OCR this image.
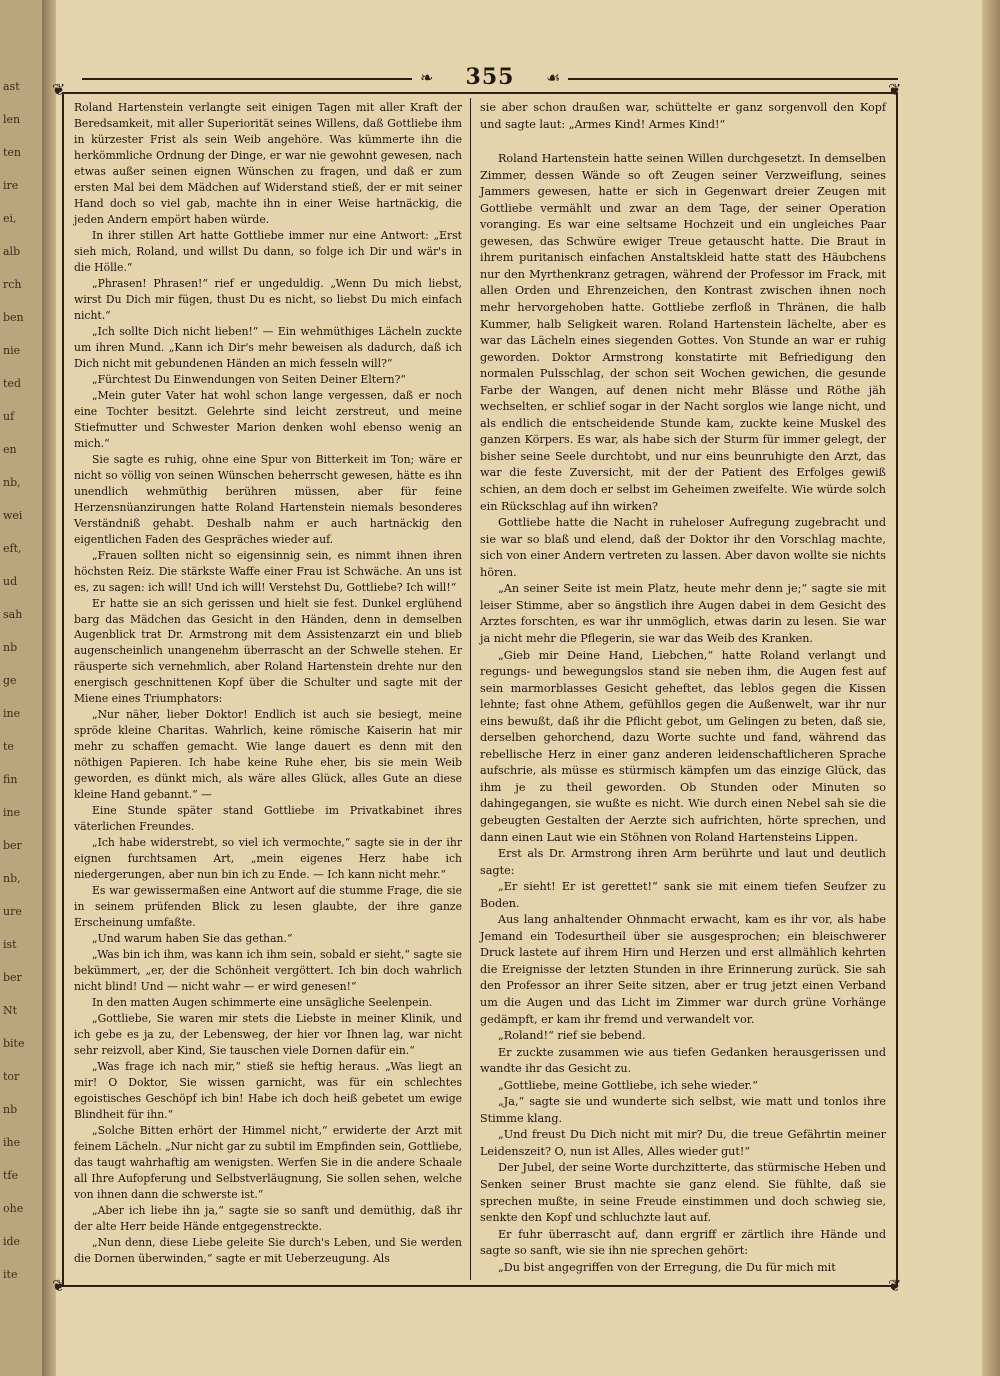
ast
len
ten
ire
ei,
alb
rch
ben
nie
ted
uf
en
nb,
wei
eft,
ud
sah
nb
ge
ine
te
fin
ine
ber
nb,
ure
ist
ber
Nt
bite
tor
nb
ihe
tfe
ohe
ide
ite
❧	☙
355
❦	❦
❦	❦

Roland Hartenstein verlangte seit einigen Tagen mit aller Kraft der Beredsamkeit, mit aller Superiorität seines Willens, daß Gottliebe ihm in kürzester Frist als sein Weib angehöre. Was kümmerte ihn die herkömmliche Ordnung der Dinge, er war nie gewohnt gewesen, nach etwas außer seinen eignen Wünschen zu fragen, und daß er zum ersten Mal bei dem Mädchen auf Widerstand stieß, der er mit seiner Hand doch so viel gab, machte ihn in einer Weise hartnäckig, die jeden Andern empört haben würde.

In ihrer stillen Art hatte Gottliebe immer nur eine Antwort: „Erst sieh mich, Roland, und willst Du dann, so folge ich Dir und wär's in die Hölle.“

„Phrasen! Phrasen!“ rief er ungeduldig. „Wenn Du mich liebst, wirst Du Dich mir fügen, thust Du es nicht, so liebst Du mich einfach nicht.“

„Ich sollte Dich nicht lieben!“ — Ein wehmüthiges Lächeln zuckte um ihren Mund. „Kann ich Dir's mehr beweisen als dadurch, daß ich Dich nicht mit gebundenen Händen an mich fesseln will?“

„Fürchtest Du Einwendungen von Seiten Deiner Eltern?“

„Mein guter Vater hat wohl schon lange vergessen, daß er noch eine Tochter besitzt. Gelehrte sind leicht zerstreut, und meine Stiefmutter und Schwester Marion denken wohl ebenso wenig an mich.“

Sie sagte es ruhig, ohne eine Spur von Bitterkeit im Ton; wäre er nicht so völlig von seinen Wünschen beherrscht gewesen, hätte es ihn unendlich wehmüthig berühren müssen, aber für feine Herzensnüanzirungen hatte Roland Hartenstein niemals besonderes Verständniß gehabt. Deshalb nahm er auch hartnäckig den eigentlichen Faden des Gespräches wieder auf.

„Frauen sollten nicht so eigensinnig sein, es nimmt ihnen ihren höchsten Reiz. Die stärkste Waffe einer Frau ist Schwäche. An uns ist es, zu sagen: ich will! Und ich will! Verstehst Du, Gottliebe? Ich will!“

Er hatte sie an sich gerissen und hielt sie fest. Dunkel erglühend barg das Mädchen das Gesicht in den Händen, denn in demselben Augenblick trat Dr. Armstrong mit dem Assistenzarzt ein und blieb augenscheinlich unangenehm überrascht an der Schwelle stehen. Er räusperte sich vernehmlich, aber Roland Hartenstein drehte nur den energisch geschnittenen Kopf über die Schulter und sagte mit der Miene eines Triumphators:

„Nur näher, lieber Doktor! Endlich ist auch sie besiegt, meine spröde kleine Charitas. Wahrlich, keine römische Kaiserin hat mir mehr zu schaffen gemacht. Wie lange dauert es denn mit den nöthigen Papieren. Ich habe keine Ruhe eher, bis sie mein Weib geworden, es dünkt mich, als wäre alles Glück, alles Gute an diese kleine Hand gebannt.“ —

Eine Stunde später stand Gottliebe im Privatkabinet ihres väterlichen Freundes.

„Ich habe widerstrebt, so viel ich vermochte,“ sagte sie in der ihr eignen furchtsamen Art, „mein eigenes Herz habe ich niedergerungen, aber nun bin ich zu Ende. — Ich kann nicht mehr.“

Es war gewissermaßen eine Antwort auf die stumme Frage, die sie in seinem prüfenden Blick zu lesen glaubte, der ihre ganze Erscheinung umfaßte.

„Und warum haben Sie das gethan.“

„Was bin ich ihm, was kann ich ihm sein, sobald er sieht,“ sagte sie bekümmert, „er, der die Schönheit vergöttert. Ich bin doch wahrlich nicht blind! Und — nicht wahr — er wird genesen!“

In den matten Augen schimmerte eine unsägliche Seelenpein.

„Gottliebe, Sie waren mir stets die Liebste in meiner Klinik, und ich gebe es ja zu, der Lebensweg, der hier vor Ihnen lag, war nicht sehr reizvoll, aber Kind, Sie tauschen viele Dornen dafür ein.“

„Was frage ich nach mir,“ stieß sie heftig heraus. „Was liegt an mir! O Doktor, Sie wissen garnicht, was für ein schlechtes egoistisches Geschöpf ich bin! Habe ich doch heiß gebetet um ewige Blindheit für ihn.“

„Solche Bitten erhört der Himmel nicht,“ erwiderte der Arzt mit feinem Lächeln. „Nur nicht gar zu subtil im Empfinden sein, Gottliebe, das taugt wahrhaftig am wenigsten. Werfen Sie in die andere Schaale all Ihre Aufopferung und Selbstverläugnung, Sie sollen sehen, welche von ihnen dann die schwerste ist.“

„Aber ich liebe ihn ja,“ sagte sie so sanft und demüthig, daß ihr der alte Herr beide Hände entgegenstreckte.

„Nun denn, diese Liebe geleite Sie durch's Leben, und Sie werden die Dornen überwinden,“ sagte er mit Ueberzeugung. Als

sie aber schon draußen war, schüttelte er ganz sorgenvoll den Kopf und sagte laut: „Armes Kind! Armes Kind!“

Roland Hartenstein hatte seinen Willen durchgesetzt. In demselben Zimmer, dessen Wände so oft Zeugen seiner Verzweiflung, seines Jammers gewesen, hatte er sich in Gegenwart dreier Zeugen mit Gottliebe vermählt und zwar an dem Tage, der seiner Operation voranging. Es war eine seltsame Hochzeit und ein ungleiches Paar gewesen, das Schwüre ewiger Treue getauscht hatte. Die Braut in ihrem puritanisch einfachen Anstaltskleid hatte statt des Häubchens nur den Myrthenkranz getragen, während der Professor im Frack, mit allen Orden und Ehrenzeichen, den Kontrast zwischen ihnen noch mehr hervorgehoben hatte. Gottliebe zerfloß in Thränen, die halb Kummer, halb Seligkeit waren. Roland Hartenstein lächelte, aber es war das Lächeln eines siegenden Gottes. Von Stunde an war er ruhig geworden. Doktor Armstrong konstatirte mit Befriedigung den normalen Pulsschlag, der schon seit Wochen gewichen, die gesunde Farbe der Wangen, auf denen nicht mehr Blässe und Röthe jäh wechselten, er schlief sogar in der Nacht sorglos wie lange nicht, und als endlich die entscheidende Stunde kam, zuckte keine Muskel des ganzen Körpers. Es war, als habe sich der Sturm für immer gelegt, der bisher seine Seele durchtobt, und nur eins beunruhigte den Arzt, das war die feste Zuversicht, mit der der Patient des Erfolges gewiß schien, an dem doch er selbst im Geheimen zweifelte. Wie würde solch ein Rückschlag auf ihn wirken?

Gottliebe hatte die Nacht in ruheloser Aufregung zugebracht und sie war so blaß und elend, daß der Doktor ihr den Vorschlag machte, sich von einer Andern vertreten zu lassen. Aber davon wollte sie nichts hören.

„An seiner Seite ist mein Platz, heute mehr denn je;“ sagte sie mit leiser Stimme, aber so ängstlich ihre Augen dabei in dem Gesicht des Arztes forschten, es war ihr unmöglich, etwas darin zu lesen. Sie war ja nicht mehr die Pflegerin, sie war das Weib des Kranken.

„Gieb mir Deine Hand, Liebchen,“ hatte Roland verlangt und regungs- und bewegungslos stand sie neben ihm, die Augen fest auf sein marmorblasses Gesicht geheftet, das leblos gegen die Kissen lehnte; fast ohne Athem, gefühllos gegen die Außenwelt, war ihr nur eins bewußt, daß ihr die Pflicht gebot, um Gelingen zu beten, daß sie, derselben gehorchend, dazu Worte suchte und fand, während das rebellische Herz in einer ganz anderen leidenschaftlicheren Sprache aufschrie, als müsse es stürmisch kämpfen um das einzige Glück, das ihm je zu theil geworden. Ob Stunden oder Minuten so dahingegangen, sie wußte es nicht. Wie durch einen Nebel sah sie die gebeugten Gestalten der Aerzte sich aufrichten, hörte sprechen, und dann einen Laut wie ein Stöhnen von Roland Hartensteins Lippen.

Erst als Dr. Armstrong ihren Arm berührte und laut und deutlich sagte:

„Er sieht! Er ist gerettet!“ sank sie mit einem tiefen Seufzer zu Boden.

Aus lang anhaltender Ohnmacht erwacht, kam es ihr vor, als habe Jemand ein Todesurtheil über sie ausgesprochen; ein bleischwerer Druck lastete auf ihrem Hirn und Herzen und erst allmählich kehrten die Ereignisse der letzten Stunden in ihre Erinnerung zurück. Sie sah den Professor an ihrer Seite sitzen, aber er trug jetzt einen Verband um die Augen und das Licht im Zimmer war durch grüne Vorhänge gedämpft, er kam ihr fremd und verwandelt vor.

„Roland!“ rief sie bebend.

Er zuckte zusammen wie aus tiefen Gedanken herausgerissen und wandte ihr das Gesicht zu.

„Gottliebe, meine Gottliebe, ich sehe wieder.“

„Ja,“ sagte sie und wunderte sich selbst, wie matt und tonlos ihre Stimme klang.

„Und freust Du Dich nicht mit mir? Du, die treue Gefährtin meiner Leidenszeit? O, nun ist Alles, Alles wieder gut!“

Der Jubel, der seine Worte durchzitterte, das stürmische Heben und Senken seiner Brust machte sie ganz elend. Sie fühlte, daß sie sprechen mußte, in seine Freude einstimmen und doch schwieg sie, senkte den Kopf und schluchzte laut auf.

Er fuhr überrascht auf, dann ergriff er zärtlich ihre Hände und sagte so sanft, wie sie ihn nie sprechen gehört:

„Du bist angegriffen von der Erregung, die Du für mich mit
